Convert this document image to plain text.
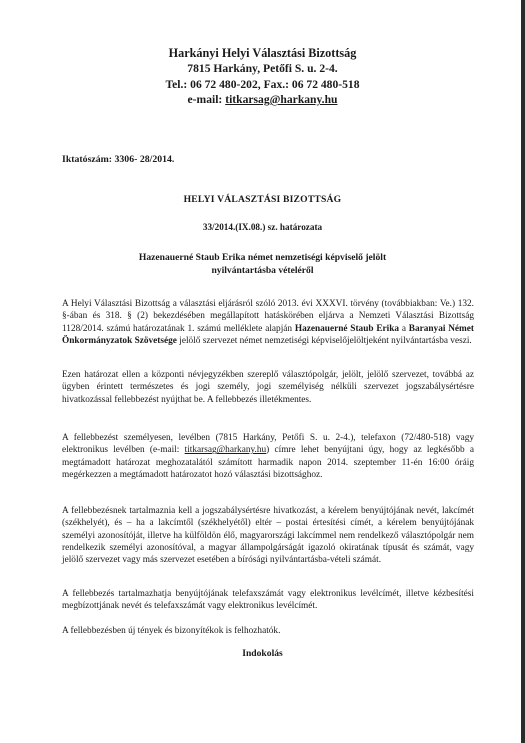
Harkányi Helyi Választási Bizottság
7815 Harkány, Petőfi S. u. 2-4.
Tel.: 06 72 480-202, Fax.: 06 72 480-518
e-mail: titkarsag@harkany.hu
Iktatószám: 3306- 28/2014.
HELYI VÁLASZTÁSI BIZOTTSÁG
33/2014.(IX.08.) sz. határozata
Hazenauerné Staub Erika német nemzetiségi képviselő jelölt
nyilvántartásba vételéről
A Helyi Választási Bizottság a választási eljárásról szóló 2013. évi XXXVI. törvény (továbbiakban: Ve.) 132. §-ában és 318. § (2) bekezdésében megállapított hatáskörében eljárva a Nemzeti Választási Bizottság 1128/2014. számú határozatának 1. számú melléklete alapján Hazenauerné Staub Erika a Baranyai Német Önkormányzatok Szövetsége jelölő szervezet német nemzetiségi képviselőjelöltjeként nyilvántartásba veszi.
Ezen határozat ellen a központi névjegyzékben szereplő választópolgár, jelölt, jelölő szervezet, továbbá az ügyben érintett természetes és jogi személy, jogi személyiség nélküli szervezet jogszabálysértésre hivatkozással fellebbezést nyújthat be. A fellebbezés illetékmentes.
A fellebbezést személyesen, levélben (7815 Harkány, Petőfi S. u. 2-4.), telefaxon (72/480-518) vagy elektronikus levélben (e-mail: titkarsag@harkany.hu) címre lehet benyújtani úgy, hogy az legkésőbb a megtámadott határozat meghozatalától számított harmadik napon 2014. szeptember 11-én 16:00 óráig megérkezzen a megtámadott határozatot hozó választási bizottsághoz.
A fellebbezésnek tartalmaznia kell a jogszabálysértésre hivatkozást, a kérelem benyújtójának nevét, lakcímét (székhelyét), és – ha a lakcímtől (székhelyétől) eltér – postai értesítési címét, a kérelem benyújtójának személyi azonosítóját, illetve ha külföldön élő, magyarországi lakcímmel nem rendelkező választópolgár nem rendelkezik személyi azonosítóval, a magyar állampolgárságát igazoló okiratának típusát és számát, vagy jelölő szervezet vagy más szervezet esetében a bírósági nyilvántartásba-vételi számát.
A fellebbezés tartalmazhatja benyújtójának telefaxszámát vagy elektronikus levélcímét, illetve kézbesítési megbízottjának nevét és telefaxszámát vagy elektronikus levélcímét.
A fellebbezésben új tények és bizonyítékok is felhozhatók.
Indokolás
